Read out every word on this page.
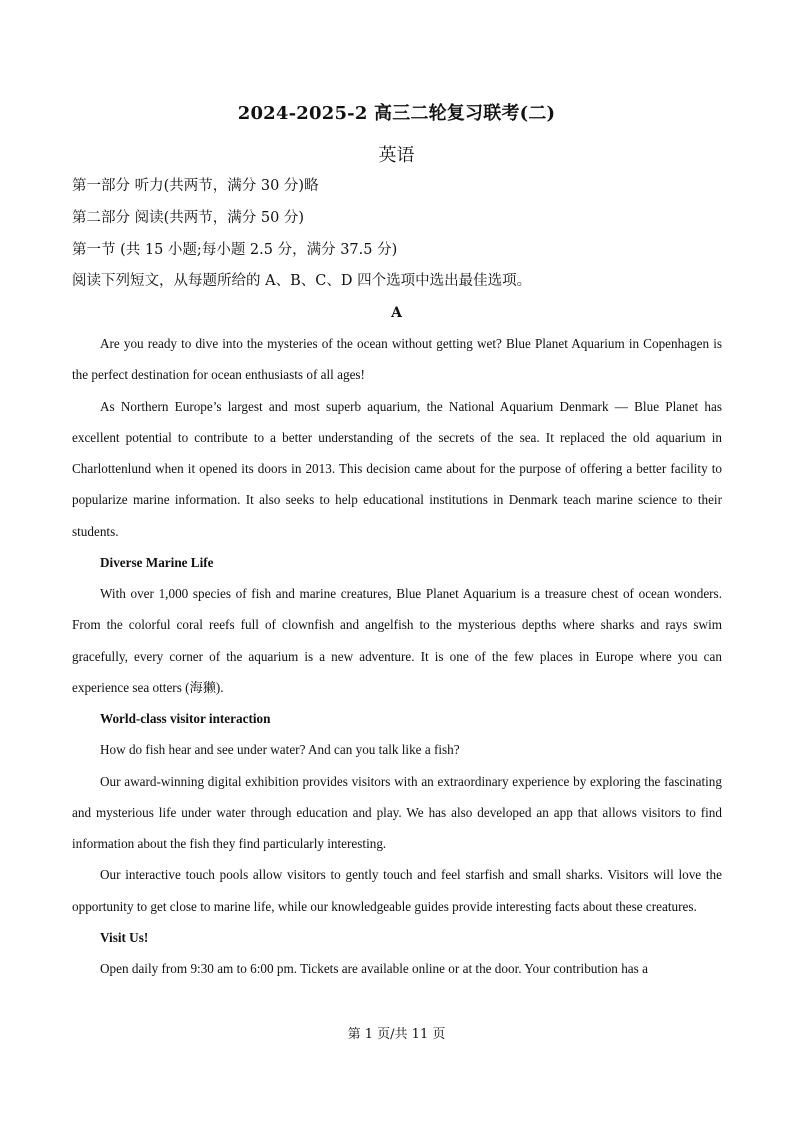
2024-2025-2 高三二轮复习联考(二)
英语
第一部分 听力(共两节，满分 30 分)略
第二部分 阅读(共两节，满分 50 分)
第一节 (共 15 小题;每小题 2.5 分，满分 37.5 分)
阅读下列短文，从每题所给的 A、B、C、D 四个选项中选出最佳选项。
A

Are you ready to dive into the mysteries of the ocean without getting wet? Blue Planet Aquarium in Copenhagen is the perfect destination for ocean enthusiasts of all ages!

As Northern Europe’s largest and most superb aquarium, the National Aquarium Denmark — Blue Planet has excellent potential to contribute to a better understanding of the secrets of the sea. It replaced the old aquarium in Charlottenlund when it opened its doors in 2013. This decision came about for the purpose of offering a better facility to popularize marine information. It also seeks to help educational institutions in Denmark teach marine science to their students.

Diverse Marine Life

With over 1,000 species of fish and marine creatures, Blue Planet Aquarium is a treasure chest of ocean wonders. From the colorful coral reefs full of clownfish and angelfish to the mysterious depths where sharks and rays swim gracefully, every corner of the aquarium is a new adventure. It is one of the few places in Europe where you can experience sea otters (海獭).

World-class visitor interaction

How do fish hear and see under water? And can you talk like a fish?

Our award-winning digital exhibition provides visitors with an extraordinary experience by exploring the fascinating and mysterious life under water through education and play. We has also developed an app that allows visitors to find information about the fish they find particularly interesting.

Our interactive touch pools allow visitors to gently touch and feel starfish and small sharks. Visitors will love the opportunity to get close to marine life, while our knowledgeable guides provide interesting facts about these creatures.

Visit Us!

Open daily from 9:30 am to 6:00 pm. Tickets are available online or at the door. Your contribution has a

第 1 页/共 11 页
